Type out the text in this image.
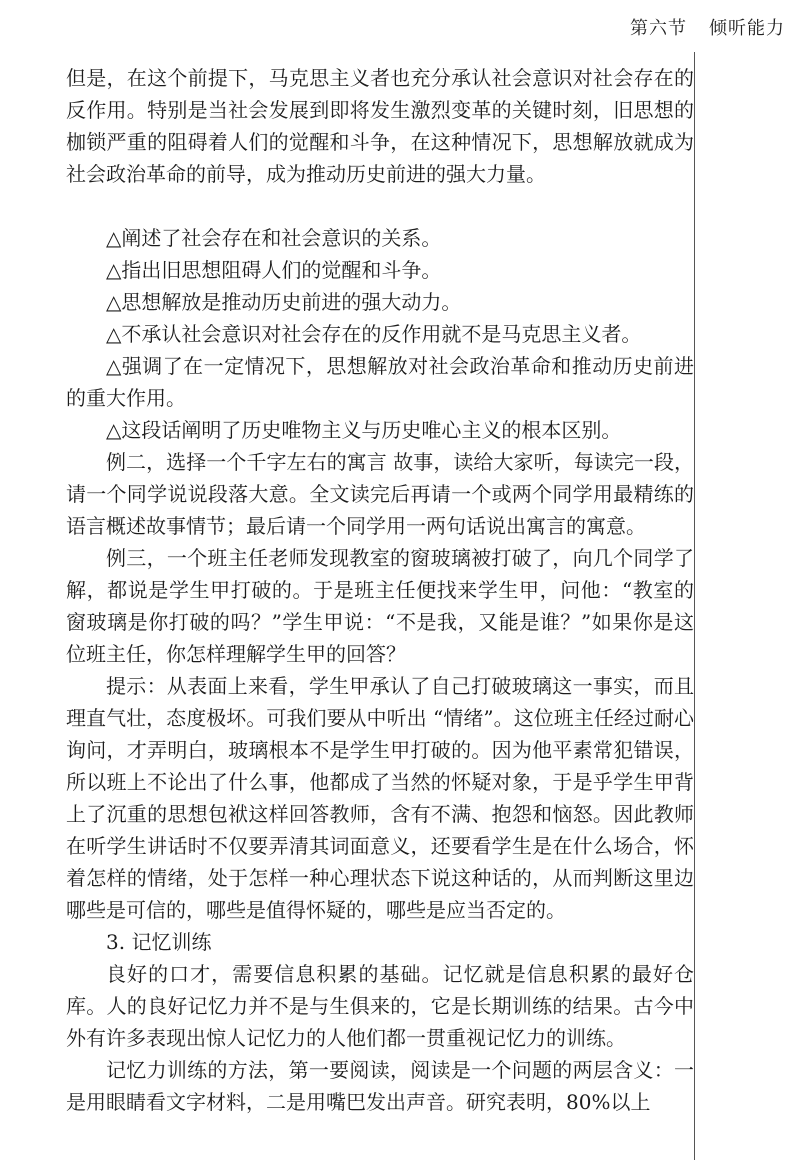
第六节 倾听能力

但是，在这个前提下，马克思主义者也充分承认社会意识对社会存在的反作用。特别是当社会发展到即将发生激烈变革的关键时刻，旧思想的枷锁严重的阻碍着人们的觉醒和斗争，在这种情况下，思想解放就成为社会政治革命的前导，成为推动历史前进的强大力量。

△阐述了社会存在和社会意识的关系。

△指出旧思想阻碍人们的觉醒和斗争。

△思想解放是推动历史前进的强大动力。

△不承认社会意识对社会存在的反作用就不是马克思主义者。

△强调了在一定情况下，思想解放对社会政治革命和推动历史前进的重大作用。

△这段话阐明了历史唯物主义与历史唯心主义的根本区别。

例二，选择一个千字左右的寓言 故事，读给大家听，每读完一段，请一个同学说说段落大意。全文读完后再请一个或两个同学用最精练的语言概述故事情节；最后请一个同学用一两句话说出寓言的寓意。

例三，一个班主任老师发现教室的窗玻璃被打破了，向几个同学了解，都说是学生甲打破的。于是班主任便找来学生甲，问他：“教室的窗玻璃是你打破的吗？”学生甲说：“不是我，又能是谁？”如果你是这位班主任，你怎样理解学生甲的回答？

提示：从表面上来看，学生甲承认了自己打破玻璃这一事实，而且理直气壮，态度极坏。可我们要从中听出 “情绪”。这位班主任经过耐心询问，才弄明白，玻璃根本不是学生甲打破的。因为他平素常犯错误，所以班上不论出了什么事，他都成了当然的怀疑对象，于是乎学生甲背上了沉重的思想包袱这样回答教师，含有不满、抱怨和恼怒。因此教师在听学生讲话时不仅要弄清其词面意义，还要看学生是在什么场合，怀着怎样的情绪，处于怎样一种心理状态下说这种话的，从而判断这里边哪些是可信的，哪些是值得怀疑的，哪些是应当否定的。

3. 记忆训练

良好的口才，需要信息积累的基础。记忆就是信息积累的最好仓库。人的良好记忆力并不是与生俱来的，它是长期训练的结果。古今中外有许多表现出惊人记忆力的人他们都一贯重视记忆力的训练。

记忆力训练的方法，第一要阅读，阅读是一个问题的两层含义：一是用眼睛看文字材料，二是用嘴巴发出声音。研究表明，80%以上
